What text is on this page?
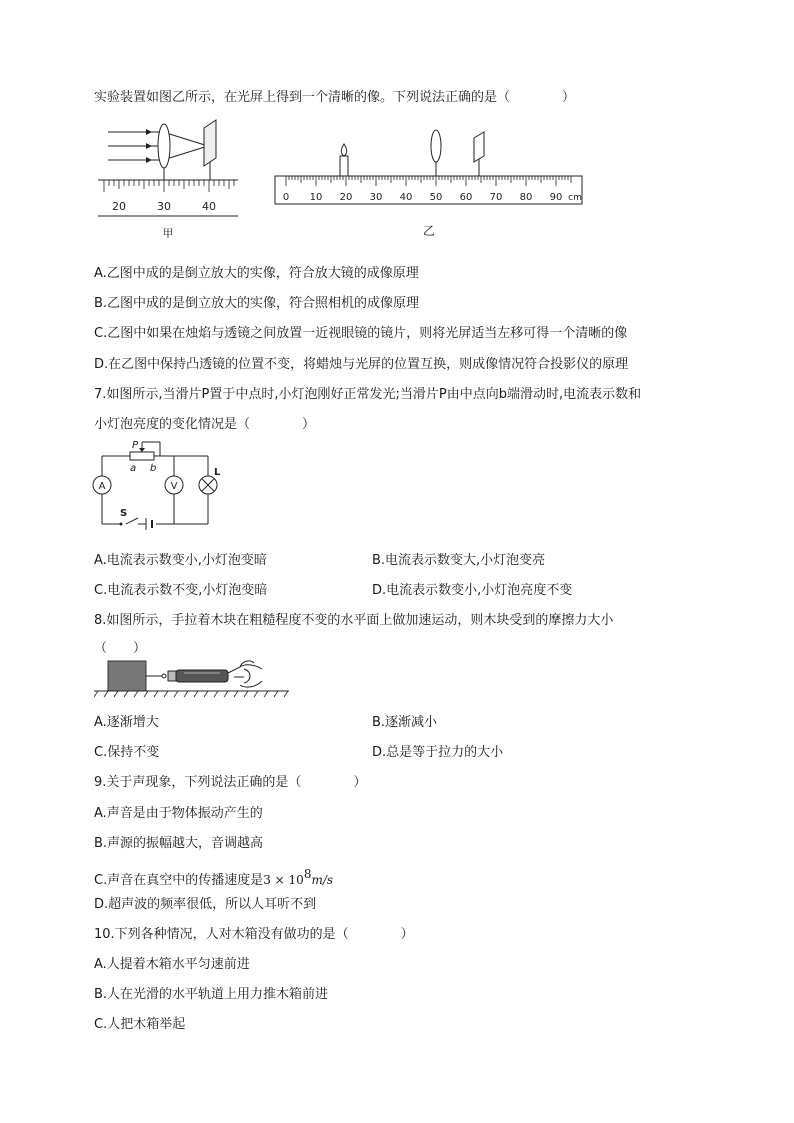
实验装置如图乙所示，在光屏上得到一个清晰的像。下列说法正确的是（　　　　）
20	30	40
甲
0 10 20 30 40 50 60 70 80 90 cm
乙
A.乙图中成的是倒立放大的实像，符合放大镜的成像原理
B.乙图中成的是倒立放大的实像，符合照相机的成像原理
C.乙图中如果在烛焰与透镜之间放置一近视眼镜的镜片，则将光屏适当左移可得一个清晰的像
D.在乙图中保持凸透镜的位置不变，将蜡烛与光屏的位置互换，则成像情况符合投影仪的原理
7.如图所示,当滑片P置于中点时,小灯泡刚好正常发光;当滑片P由中点向b端滑动时,电流表示数和
小灯泡亮度的变化情况是（　　　　）
P
a b
A	V
L
S
A.电流表示数变小,小灯泡变暗	B.电流表示数变大,小灯泡变亮
C.电流表示数不变,小灯泡变暗	D.电流表示数变小,小灯泡亮度不变
8.如图所示，手拉着木块在粗糙程度不变的水平面上做加速运动，则木块受到的摩擦力大小
（　　）
A.逐渐增大	B.逐渐减小
C.保持不变	D.总是等于拉力的大小
9.关于声现象，下列说法正确的是（　　　　）
A.声音是由于物体振动产生的
B.声源的振幅越大，音调越高
C.声音在真空中的传播速度是3 × 108m/s
D.超声波的频率很低，所以人耳听不到
10.下列各种情况，人对木箱没有做功的是（　　　　）
A.人提着木箱水平匀速前进
B.人在光滑的水平轨道上用力推木箱前进
C.人把木箱举起
